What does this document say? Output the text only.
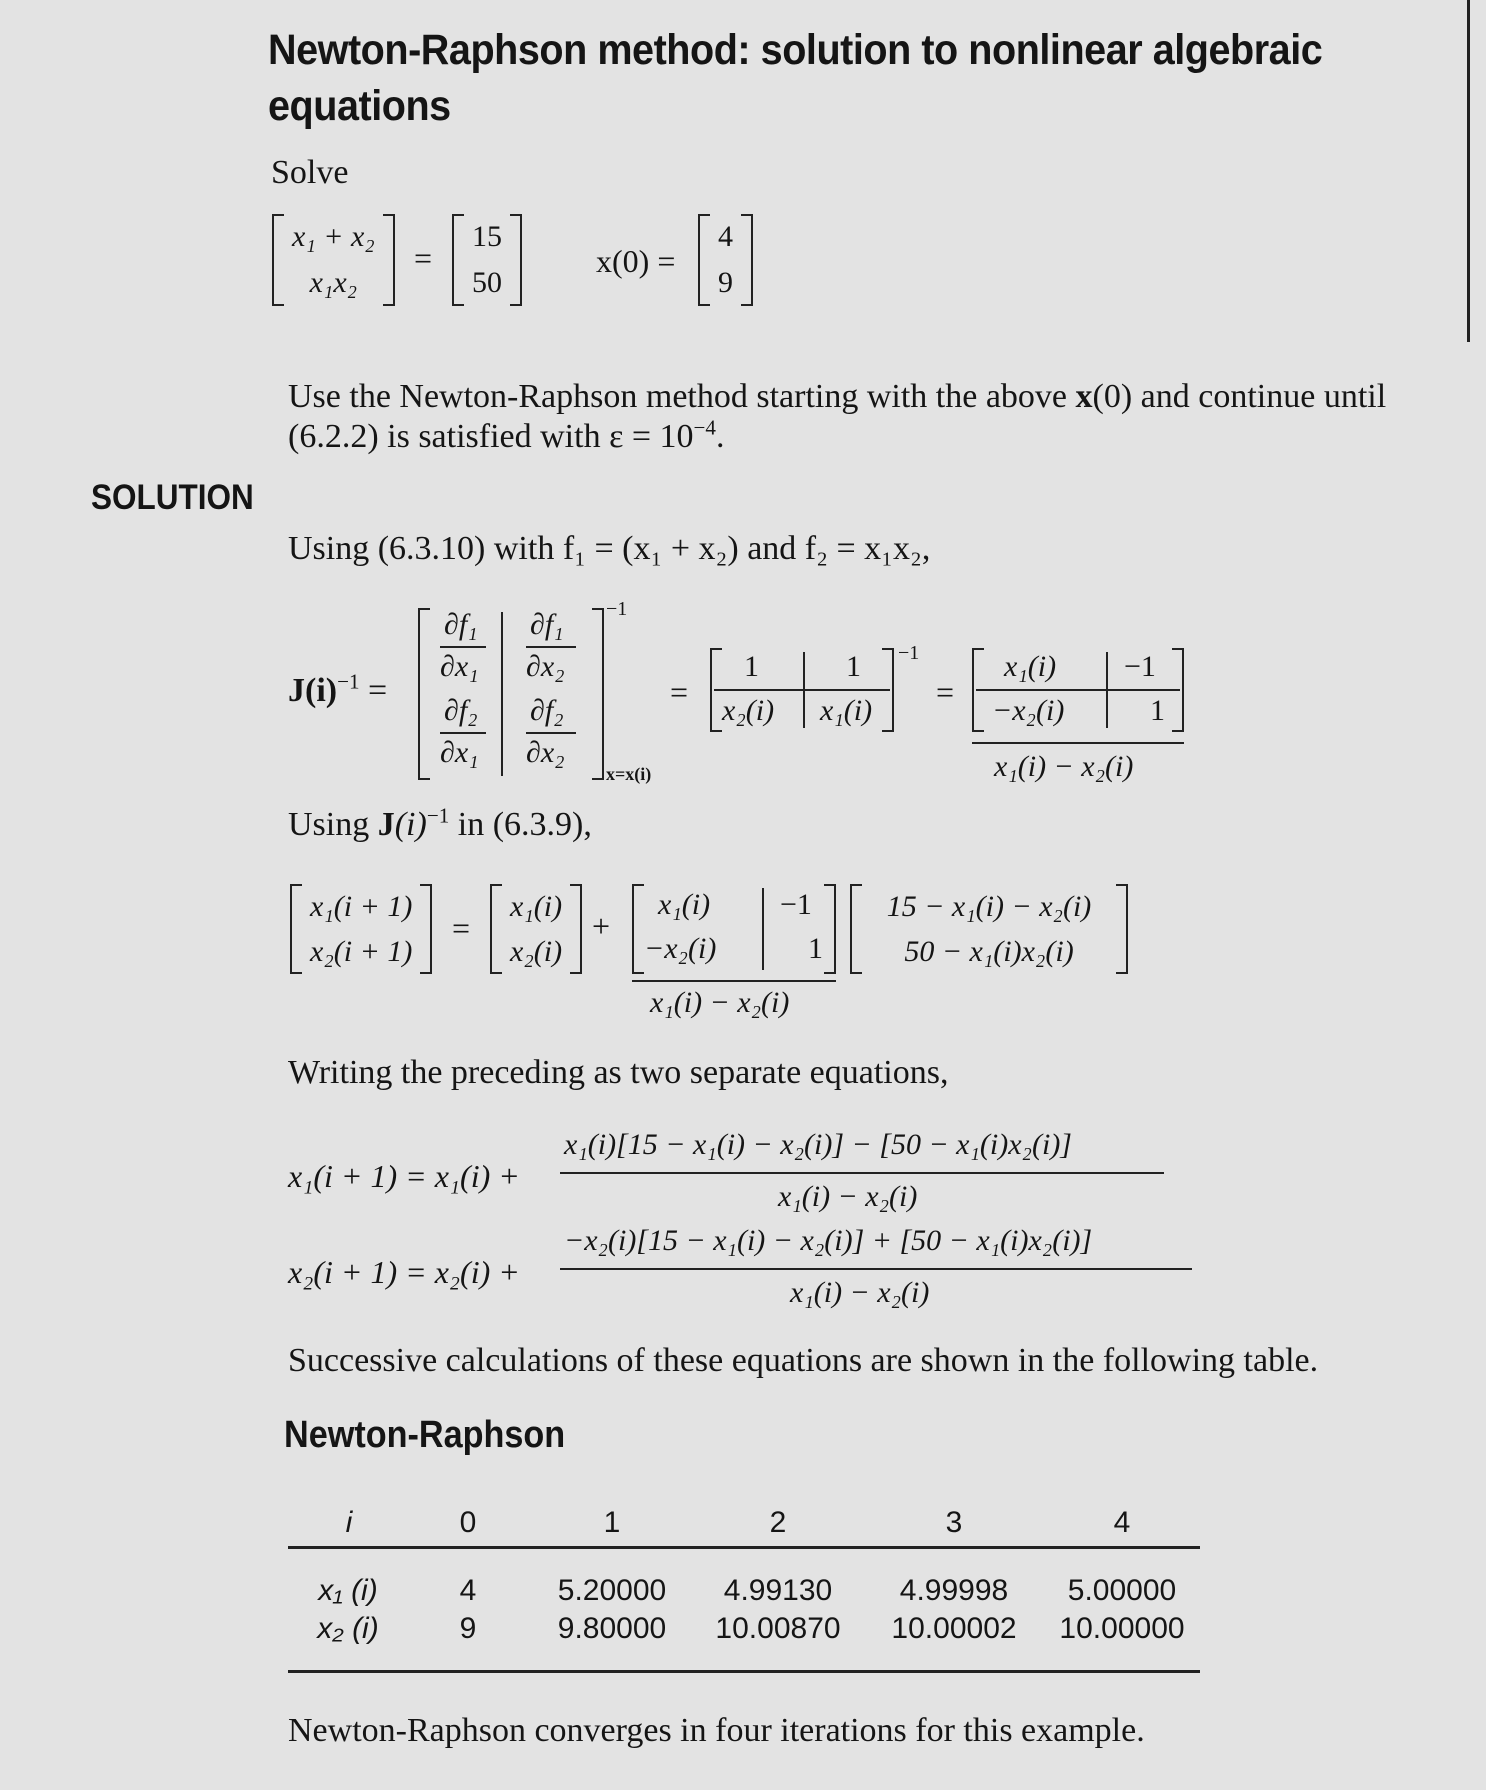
Newton-Raphson method: solution to nonlinear algebraic equations
Solve
x₁ + x₂
x₁x₂
=
15
50
x(0) =
4
9
Use the Newton-Raphson method starting with the above x(0) and continue until
(6.2.2) is satisfied with $\varepsilon = 10^{-4}$.
SOLUTION
Using (6.3.10) with f₁ = (x₁ + x₂) and f₂ = x₁x₂,
$J(i)^{-1}$ =
∂f₁
∂x₁
∂f₁
∂x₂
∂f₂
∂x₁
∂f₂
∂x₂
−1
x=x(i)
=
1	1
x₂(i) x₁(i)
−1
=
x₁(i) −1
−x₂(i)	1
x₁(i) − x₂(i)
Using $J(i)^{-1}$ in (6.3.9),
x₁(i + 1)
x₂(i + 1)
=
x₁(i)
x₂(i)
+
x₁(i) −1
−x₂(i)	1
x₁(i) − x₂(i)
15 − x₁(i) − x₂(i)
50 − x₁(i)x₂(i)
Writing the preceding as two separate equations,
x₁(i + 1) = x₁(i) +
x₁(i)[15 − x₁(i) − x₂(i)] − [50 − x₁(i)x₂(i)]
x₁(i) − x₂(i)
x₂(i + 1) = x₂(i) +
−x₂(i)[15 − x₁(i) − x₂(i)] + [50 − x₁(i)x₂(i)]
x₁(i) − x₂(i)
Successive calculations of these equations are shown in the following table.
Newton-Raphson
i	0	1	2	3	4
x₁ (i)	4	5.20000 4.99130 4.99998 5.00000
x₂ (i)	9	9.80000 10.00870 10.00002 10.00000
Newton-Raphson converges in four iterations for this example.
